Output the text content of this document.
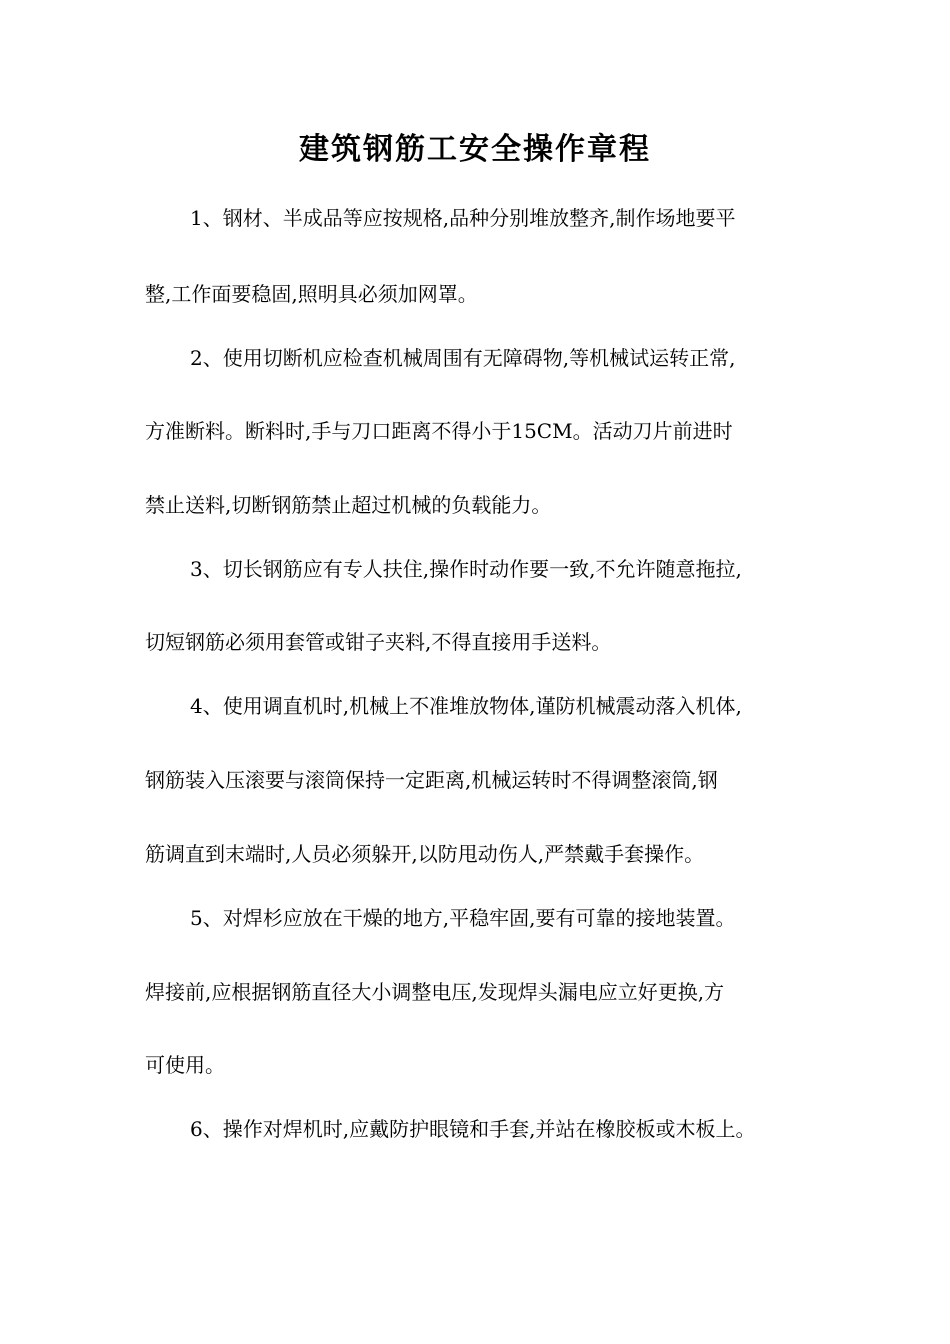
建筑钢筋工安全操作章程
1、钢材、半成品等应按规格,品种分别堆放整齐,制作场地要平
整,工作面要稳固,照明具必须加网罩。
2、使用切断机应检查机械周围有无障碍物,等机械试运转正常,
方准断料。断料时,手与刀口距离不得小于15CM。活动刀片前进时
禁止送料,切断钢筋禁止超过机械的负载能力。
3、切长钢筋应有专人扶住,操作时动作要一致,不允许随意拖拉,
切短钢筋必须用套管或钳子夹料,不得直接用手送料。
4、使用调直机时,机械上不准堆放物体,谨防机械震动落入机体,
钢筋装入压滚要与滚筒保持一定距离,机械运转时不得调整滚筒,钢
筋调直到末端时,人员必须躲开,以防甩动伤人,严禁戴手套操作。
5、对焊杉应放在干燥的地方,平稳牢固,要有可靠的接地装置。
焊接前,应根据钢筋直径大小调整电压,发现焊头漏电应立好更换,方
可使用。
6、操作对焊机时,应戴防护眼镜和手套,并站在橡胶板或木板上。
